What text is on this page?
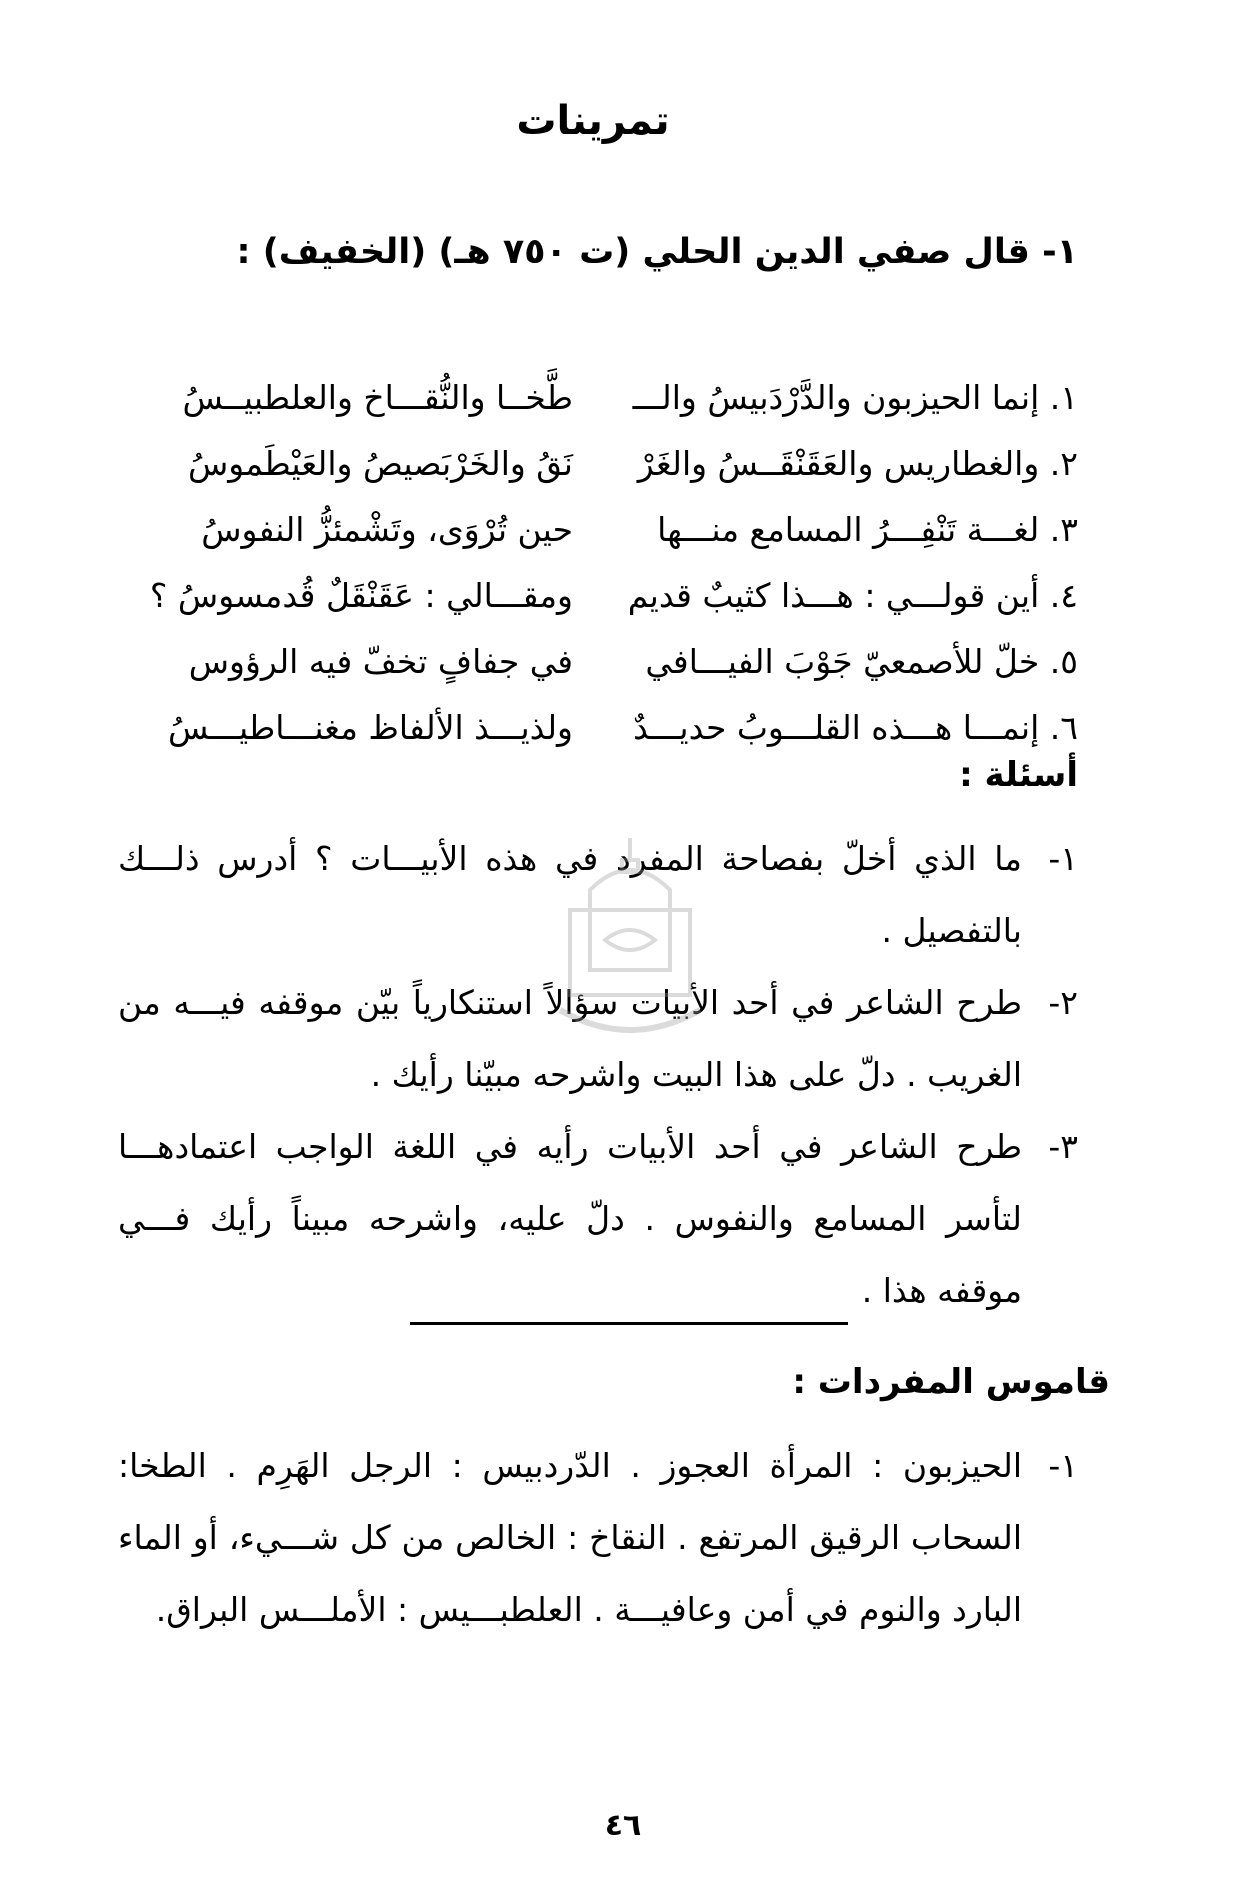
تمرينات
١- قال صفي الدين الحلي (ت ٧٥٠ هـ) (الخفيف) :
١. إنما الحيزبون والدَّرْدَبيسُ والـــ
طَّخــا والنُّقـــاخ والعلطبيــسُ
٢. والغطاريس والعَقَنْقَــسُ والغَرْ
نَقُ والخَرْبَصيصُ والعَيْطَموسُ
٣. لغـــة تَنْفِـــرُ المسامع منـــها
حين تُرْوَى، وتَشْمئزُّ النفوسُ
٤. أين قولـــي : هـــذا كثيبٌ قديم
ومقـــالي : عَقَنْقَلٌ قُدمسوسُ ؟
٥. خلّ للأصمعيّ جَوْبَ الفيـــافي
في جفافٍ تخفّ فيه الرؤوس
٦. إنمـــا هـــذه القلـــوبُ حديـــدٌ
ولذيـــذ الألفاظ مغنـــاطيـــسُ
أسئلة :
١-
ما الذي أخلّ بفصاحة المفرد في هذه الأبيـــات ؟ أدرس ذلـــك بالتفصيل .
٢-
طرح الشاعر في أحد الأبيات سؤالاً استنكارياً بيّن موقفه فيـــه من الغريب . دلّ على هذا البيت واشرحه مبيّنا رأيك .
٣-
طرح الشاعر في أحد الأبيات رأيه في اللغة الواجب اعتمادهـــا لتأسر المسامع والنفوس . دلّ عليه، واشرحه مبيناً رأيك فـــي موقفه هذا .
قاموس المفردات :
١-
الحيزبون : المرأة العجوز . الدّردبيس : الرجل الهَرِم . الطخا: السحاب الرقيق المرتفع . النقاخ : الخالص من كل شـــيء، أو الماء البارد والنوم في أمن وعافيـــة . العلطبـــيس : الأملـــس البراق.
٤٦
